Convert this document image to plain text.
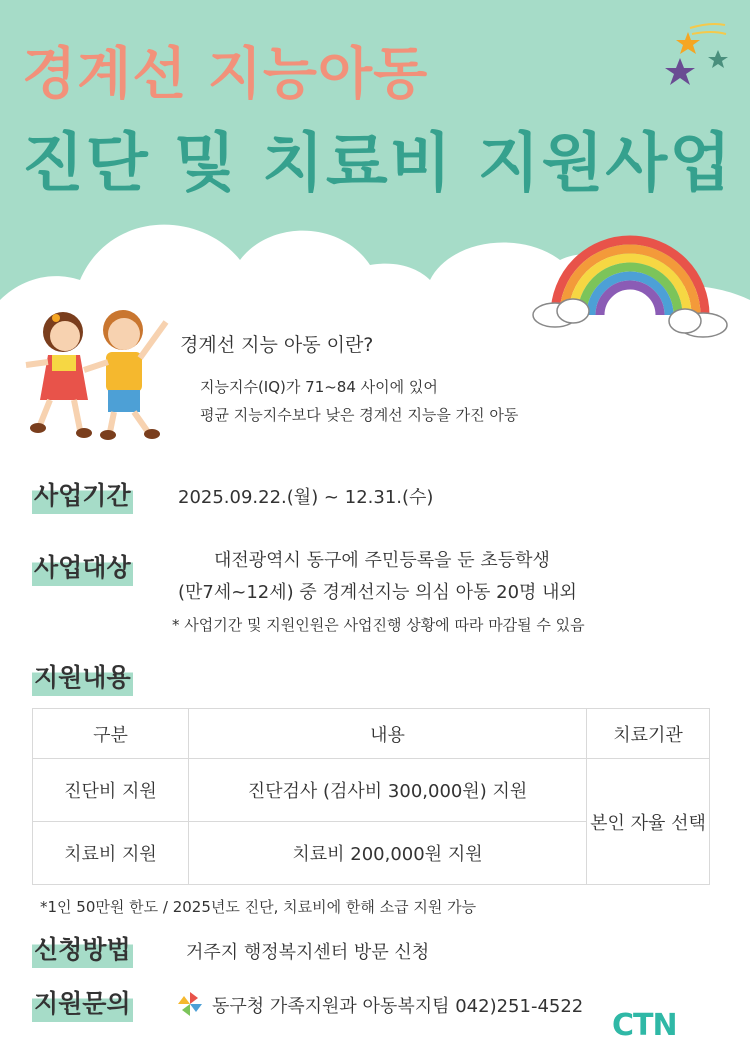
경계선 지능아동
진단 및 치료비 지원사업
경계선 지능 아동 이란?
지능지수(IQ)가 71~84 사이에 있어
평균 지능지수보다 낮은 경계선 지능을 가진 아동
사업기간	2025.09.22.(월) ~ 12.31.(수)
사업대상	대전광역시 동구에 주민등록을 둔 초등학생
(만7세~12세) 중 경계선지능 의심 아동 20명 내외
* 사업기간 및 지원인원은 사업진행 상황에 따라 마감될 수 있음
지원내용
구분	내용	치료기관
진단비 지원	진단검사 (검사비 300,000원) 지원	본인 자율 선택
치료비 지원	치료비 200,000원 지원	
*1인 50만원 한도 / 2025년도 진단, 치료비에 한해 소급 지원 가능
신청방법	거주지 행정복지센터 방문 신청
지원문의	동구청 가족지원과 아동복지팀 042)251-4522
CTN
